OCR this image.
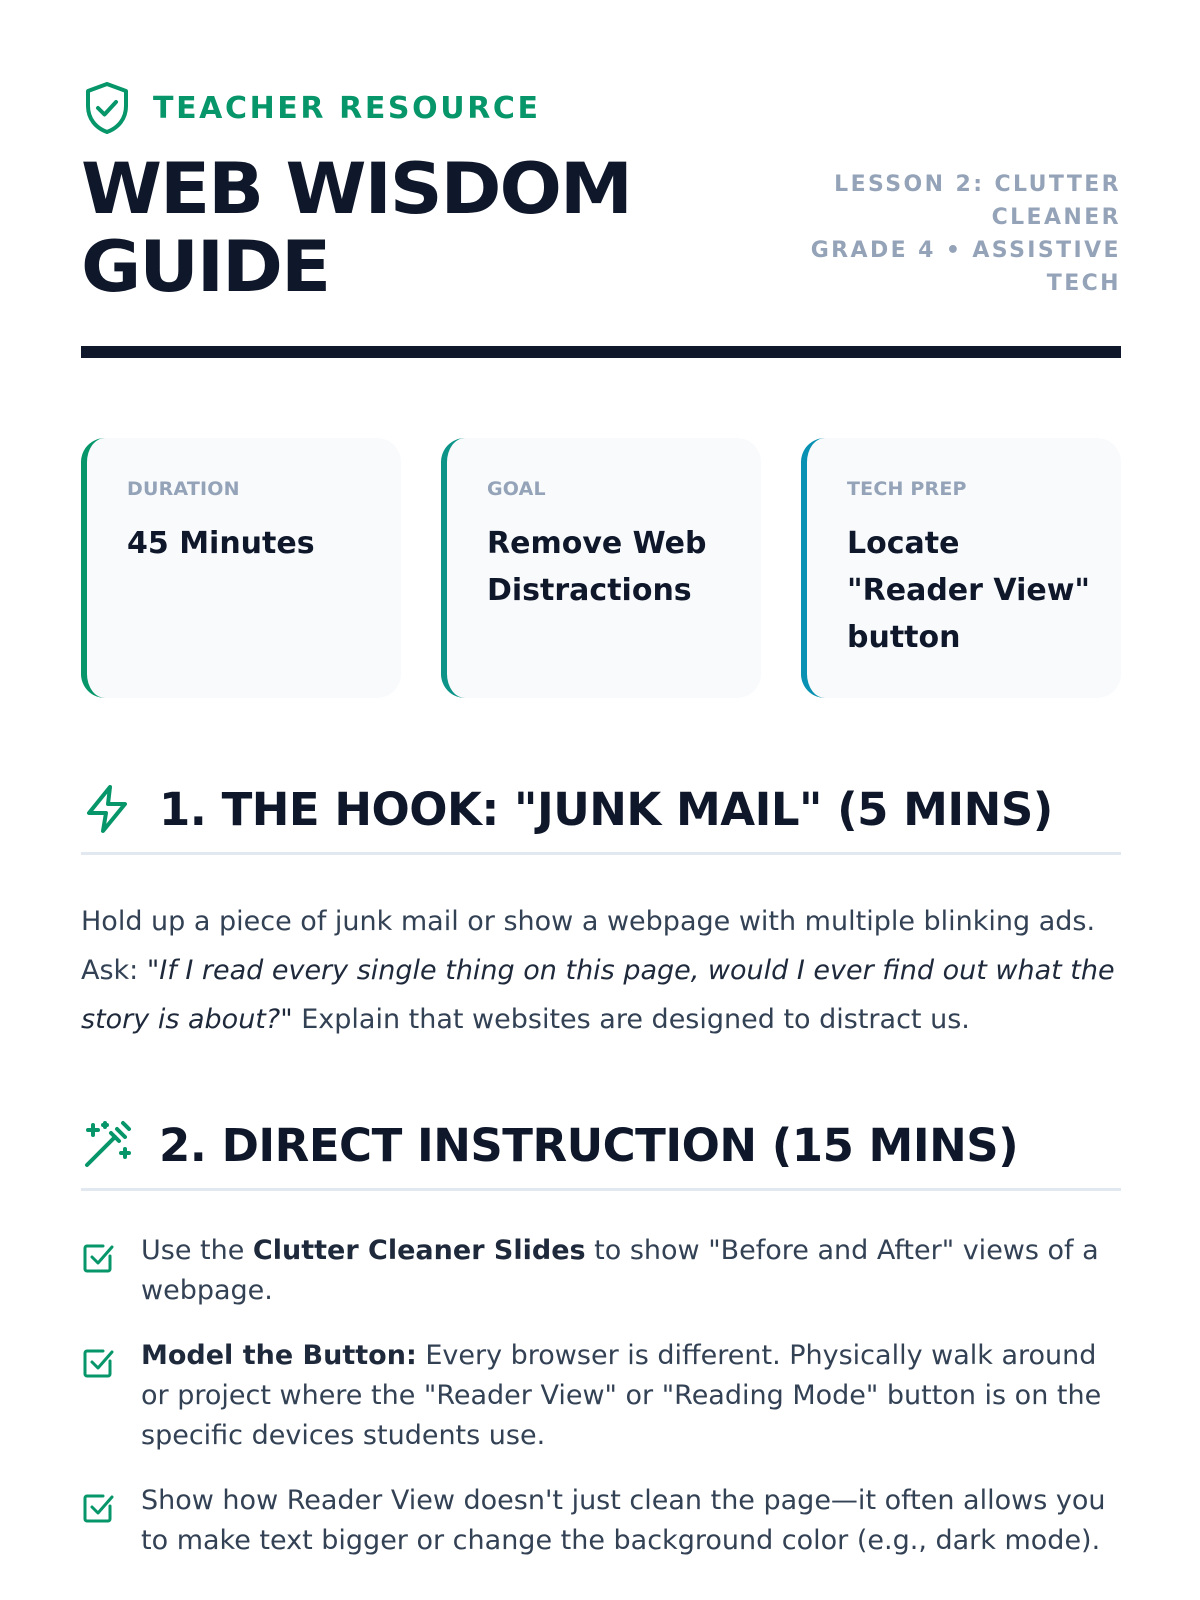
TEACHER RESOURCE
WEB WISDOM GUIDE
LESSON 2: CLUTTER CLEANER
GRADE 4 • ASSISTIVE TECH
DURATION
45 Minutes
GOAL
Remove Web Distractions
TECH PREP
Locate "Reader View" button
1. THE HOOK: "JUNK MAIL" (5 MINS)
Hold up a piece of junk mail or show a webpage with multiple blinking ads. Ask: "If I read every single thing on this page, would I ever find out what the story is about?" Explain that websites are designed to distract us.
2. DIRECT INSTRUCTION (15 MINS)
Use the Clutter Cleaner Slides to show "Before and After" views of a webpage.
Model the Button: Every browser is different. Physically walk around or project where the "Reader View" or "Reading Mode" button is on the specific devices students use.
Show how Reader View doesn't just clean the page—it often allows you to make text bigger or change the background color (e.g., dark mode).
